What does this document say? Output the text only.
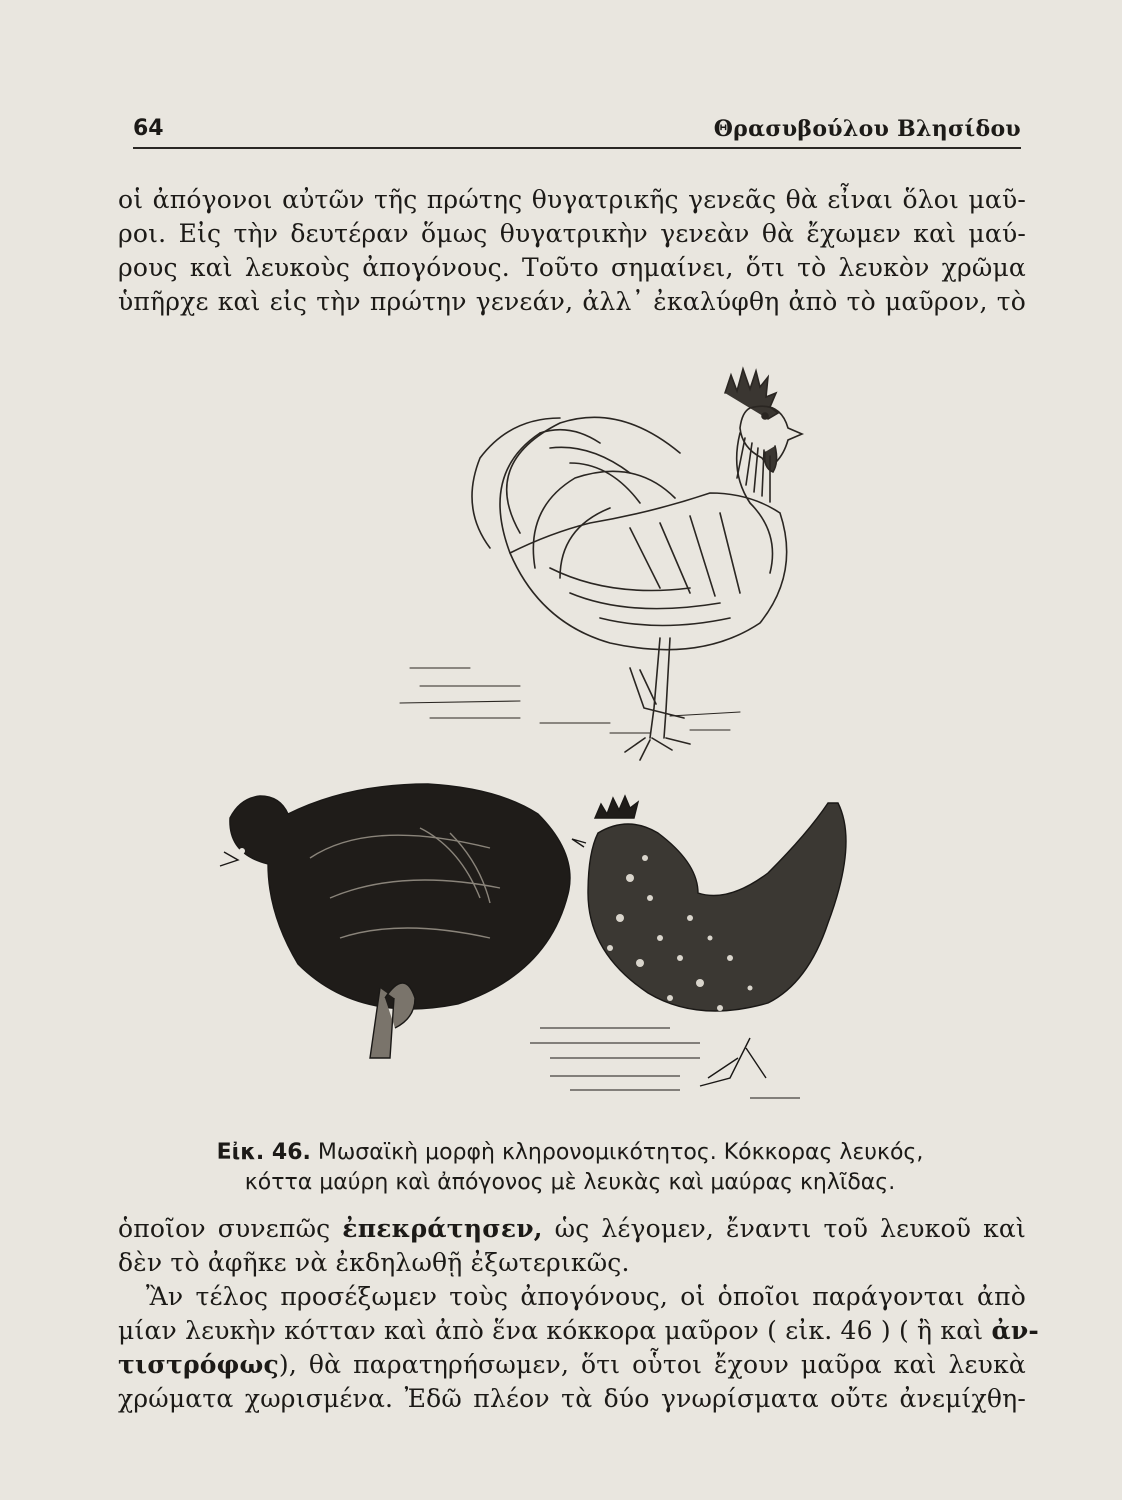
64	Θρασυβούλου Βλησίδου
οἱ ἀπόγονοι αὐτῶν τῆς πρώτης θυγατρικῆς γενεᾶς θὰ εἶναι ὅλοι μαῦ-
ροι. Εἰς τὴν δευτέραν ὅμως θυγατρικὴν γενεὰν θὰ ἔχωμεν καὶ μαύ-
ρους καὶ λευκοὺς ἀπογόνους. Τοῦτο σημαίνει, ὅτι τὸ λευκὸν χρῶμα
ὑπῆρχε καὶ εἰς τὴν πρώτην γενεάν, ἀλλ᾽ ἐκαλύφθη ἀπὸ τὸ μαῦρον, τὸ
Εἰκ. 46. Μωσαϊκὴ μορφὴ κληρονομικότητος. Κόκκορας λευκός,
κόττα μαύρη καὶ ἀπόγονος μὲ λευκὰς καὶ μαύρας κηλῖδας.
ὁποῖον συνεπῶς ἐπεκράτησεν, ὡς λέγομεν, ἔναντι τοῦ λευκοῦ καὶ
δὲν τὸ ἀφῆκε νὰ ἐκδηλωθῇ ἐξωτερικῶς.
Ἂν τέλος προσέξωμεν τοὺς ἀπογόνους, οἱ ὁποῖοι παράγονται ἀπὸ
μίαν λευκὴν κότταν καὶ ἀπὸ ἕνα κόκκορα μαῦρον ( εἰκ. 46 ) ( ἢ καὶ ἀν-
τιστρόφως), θὰ παρατηρήσωμεν, ὅτι οὗτοι ἔχουν μαῦρα καὶ λευκὰ
χρώματα χωρισμένα. Ἐδῶ πλέον τὰ δύο γνωρίσματα οὔτε ἀνεμίχθη-
